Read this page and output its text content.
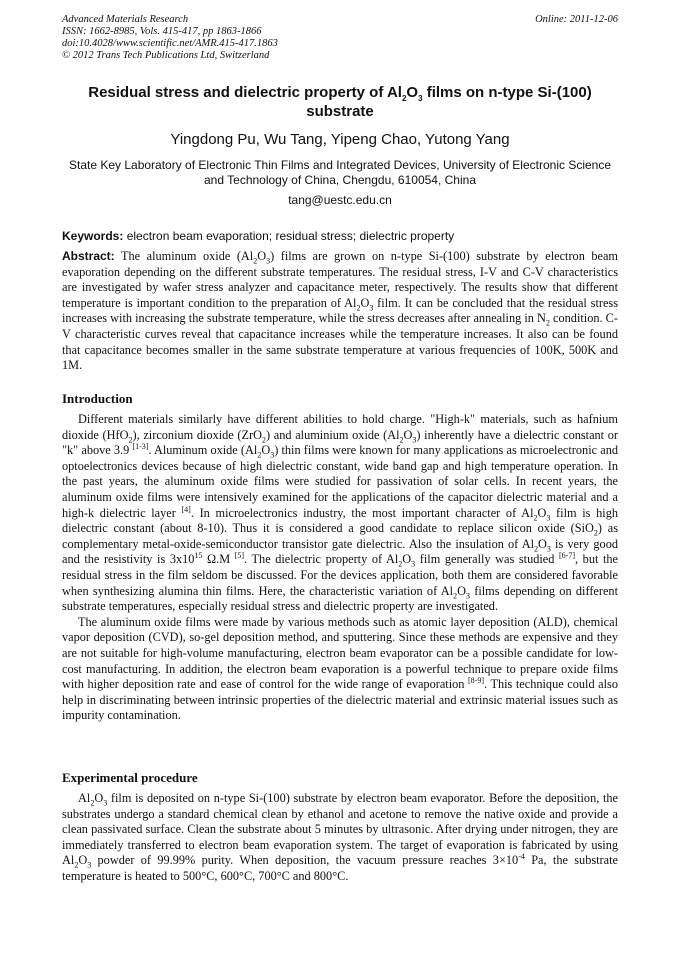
Advanced Materials Research
ISSN: 1662-8985, Vols. 415-417, pp 1863-1866
doi:10.4028/www.scientific.net/AMR.415-417.1863
© 2012 Trans Tech Publications Ltd, Switzerland
Online: 2011-12-06
Residual stress and dielectric property of $Al_2O_3$ films on n-type Si-(100) substrate
Yingdong Pu, Wu Tang, Yipeng Chao, Yutong Yang
State Key Laboratory of Electronic Thin Films and Integrated Devices, University of Electronic Science and Technology of China, Chengdu, 610054, China
tang@uestc.edu.cn
Keywords: electron beam evaporation; residual stress; dielectric property
Abstract: The aluminum oxide $(Al_2O_3)$ films are grown on n-type Si-(100) substrate by electron beam evaporation depending on the different substrate temperatures. The residual stress, I-V and C-V characteristics are investigated by wafer stress analyzer and capacitance meter, respectively. The results show that different temperature is important condition to the preparation of $Al_2O_3$ film. It can be concluded that the residual stress increases with increasing the substrate temperature, while the stress decreases after annealing in $N_2$ condition. C-V characteristic curves reveal that capacitance increases while the temperature increases. It also can be found that capacitance becomes smaller in the same substrate temperature at various frequencies of 100K, 500K and 1M.
Introduction

Different materials similarly have different abilities to hold charge. "High-k" materials, such as hafnium dioxide (HfO$_2$), zirconium dioxide (ZrO$_2$) and aluminium oxide $(Al_2O_3)$ inherently have a dielectric constant or "k" above 3.9 [1-3]. Aluminum oxide $(Al_2O_3)$ thin films were known for many applications as microelectronic and optoelectronics devices because of high dielectric constant, wide band gap and high temperature operation. In the past years, the aluminum oxide films were studied for passivation of solar cells. In recent years, the aluminum oxide films were intensively examined for the applications of the capacitor dielectric material and a high-k dielectric layer [4]. In microelectronics industry, the most important character of $Al_2O_3$ film is high dielectric constant (about 8-10). Thus it is considered a good candidate to replace silicon oxide (SiO$_2$) as complementary metal-oxide-semiconductor transistor gate dielectric. Also the insulation of $Al_2O_3$ is very good and the resistivity is $3x10^{15}$ Ω.M [5]. The dielectric property of $Al_2O_3$ film generally was studied [6-7], but the residual stress in the film seldom be discussed. For the devices application, both them are considered favorable when synthesizing alumina thin films. Here, the characteristic variation of $Al_2O_3$ films depending on different substrate temperatures, especially residual stress and dielectric property are investigated.

The aluminum oxide films were made by various methods such as atomic layer deposition (ALD), chemical vapor deposition (CVD), so-gel deposition method, and sputtering. Since these methods are expensive and they are not suitable for high-volume manufacturing, electron beam evaporator can be a possible candidate for low-cost manufacturing. In addition, the electron beam evaporation is a powerful technique to prepare oxide films with higher deposition rate and ease of control for the wide range of evaporation [8-9]. This technique could also help in discriminating between intrinsic properties of the dielectric material and extrinsic material issues such as impurity contamination.

Experimental procedure

$Al_2O_3$ film is deposited on n-type Si-(100) substrate by electron beam evaporator. Before the deposition, the substrates undergo a standard chemical clean by ethanol and acetone to remove the native oxide and provide a clean passivated surface. Clean the substrate about 5 minutes by ultrasonic. After drying under nitrogen, they are immediately transferred to electron beam evaporation system. The target of evaporation is fabricated by using $Al_2O_3$ powder of 99.99% purity. When deposition, the vacuum pressure reaches $3\times 10^{-4}$ Pa, the substrate temperature is heated to 500°C, 600°C, 700°C and 800°C.
